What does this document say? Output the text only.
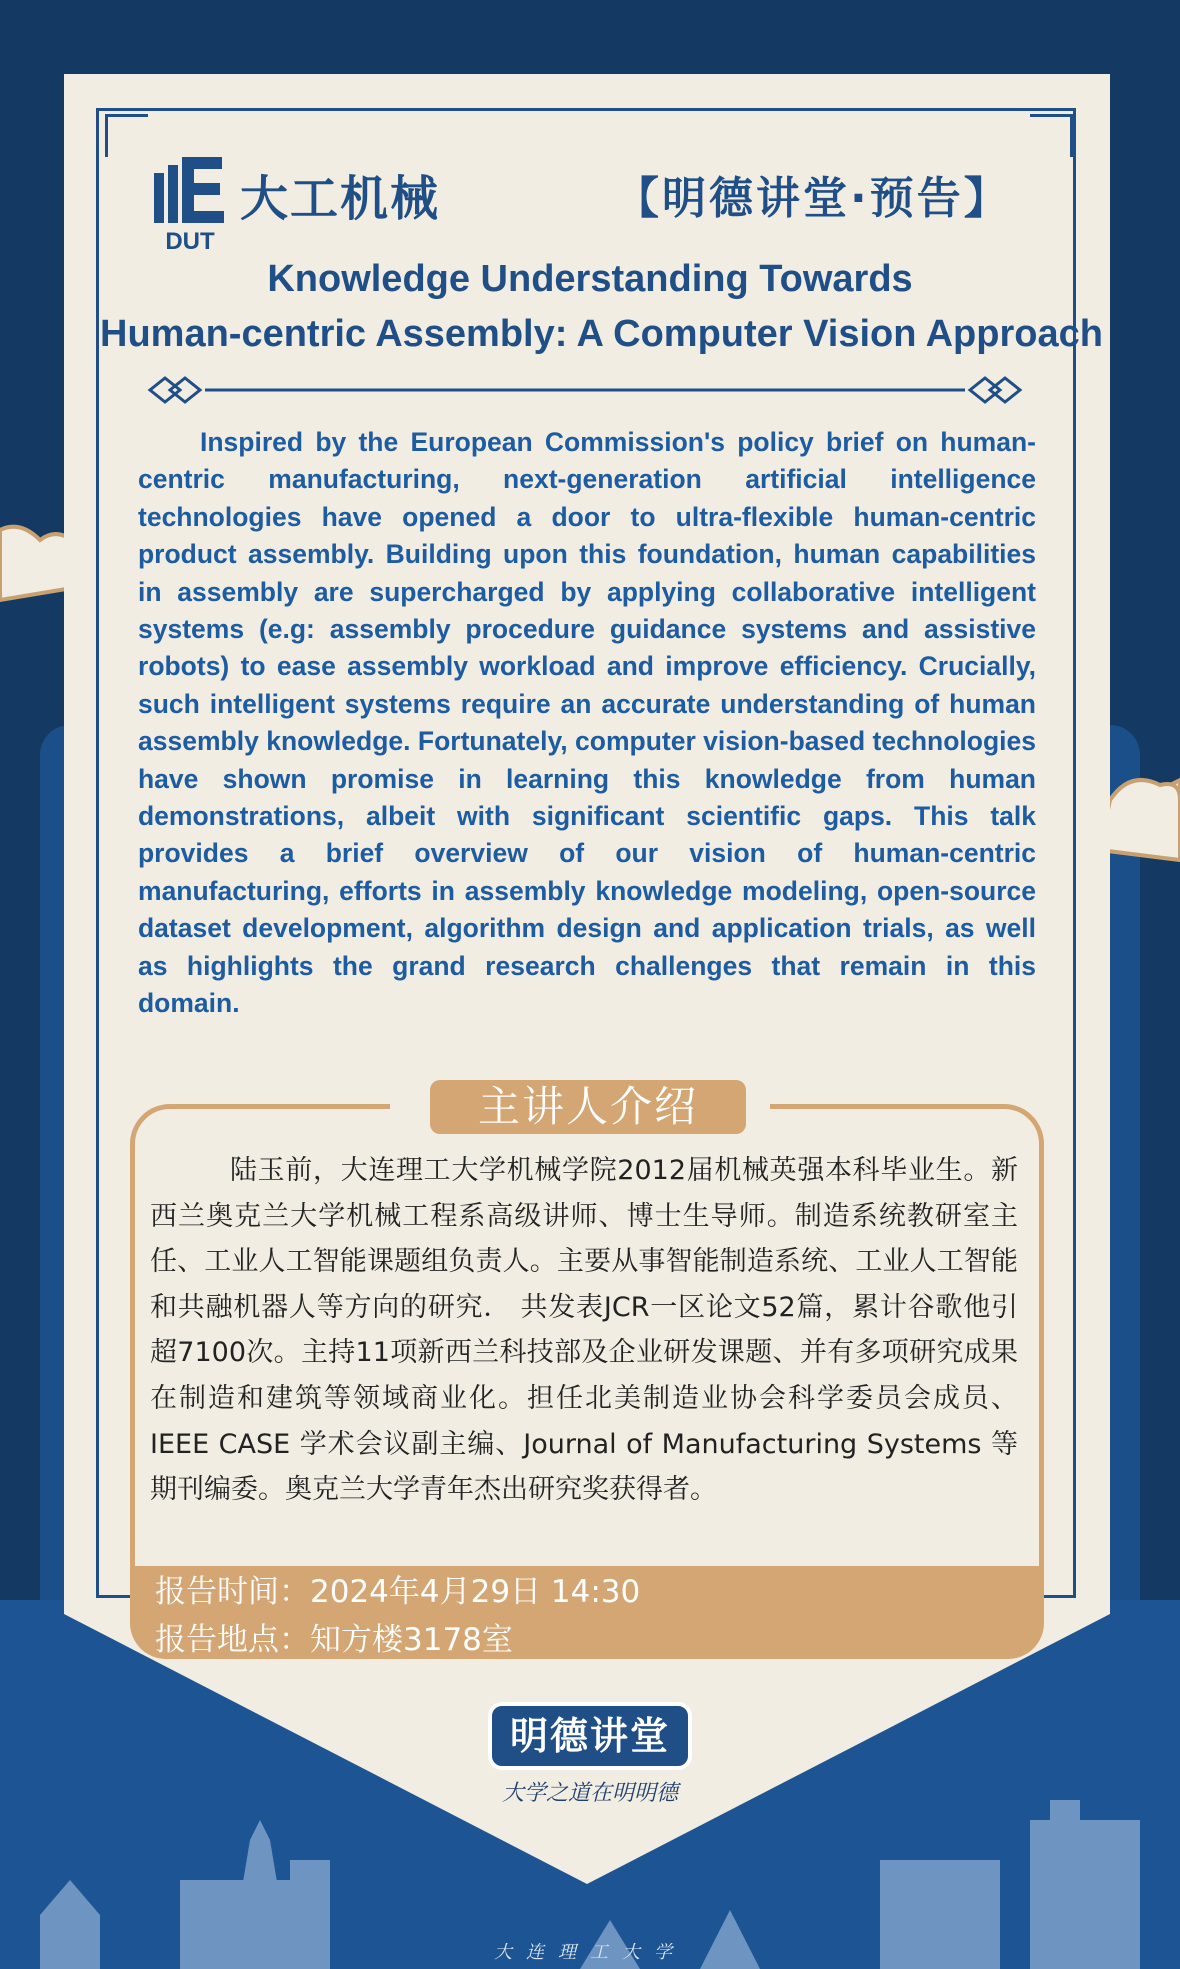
DUT
大工机械	【明德讲堂·预告】
Knowledge Understanding Towards
Human-centric Assembly: A Computer Vision Approach
Inspired by the European Commission's policy brief on human-centric manufacturing, next-generation artificial intelligence technologies have opened a door to ultra-flexible human-centric product assembly. Building upon this foundation, human capabilities in assembly are supercharged by applying collaborative intelligent systems (e.g: assembly procedure guidance systems and assistive robots) to ease assembly workload and improve efficiency. Crucially, such intelligent systems require an accurate understanding of human assembly knowledge. Fortunately, computer vision-based technologies have shown promise in learning this knowledge from human demonstrations, albeit with significant scientific gaps. This talk provides a brief overview of our vision of human-centric manufacturing, efforts in assembly knowledge modeling, open-source dataset development, algorithm design and application trials, as well as highlights the grand research challenges that remain in this domain.
主讲人介绍
陆玉前，大连理工大学机械学院2012届机械英强本科毕业生。新西兰奥克兰大学机械工程系高级讲师、博士生导师。制造系统教研室主任、工业人工智能课题组负责人。主要从事智能制造系统、工业人工智能和共融机器人等方向的研究． 共发表JCR一区论文52篇，累计谷歌他引超7100次。主持11项新西兰科技部及企业研发课题、并有多项研究成果在制造和建筑等领域商业化。担任北美制造业协会科学委员会成员、IEEE CASE 学术会议副主编、Journal of Manufacturing Systems 等期刊编委。奥克兰大学青年杰出研究奖获得者。
报告时间：2024年4月29日 14:30
报告地点：知方楼3178室
明德讲堂
大学之道在明明德
大连理工大学
